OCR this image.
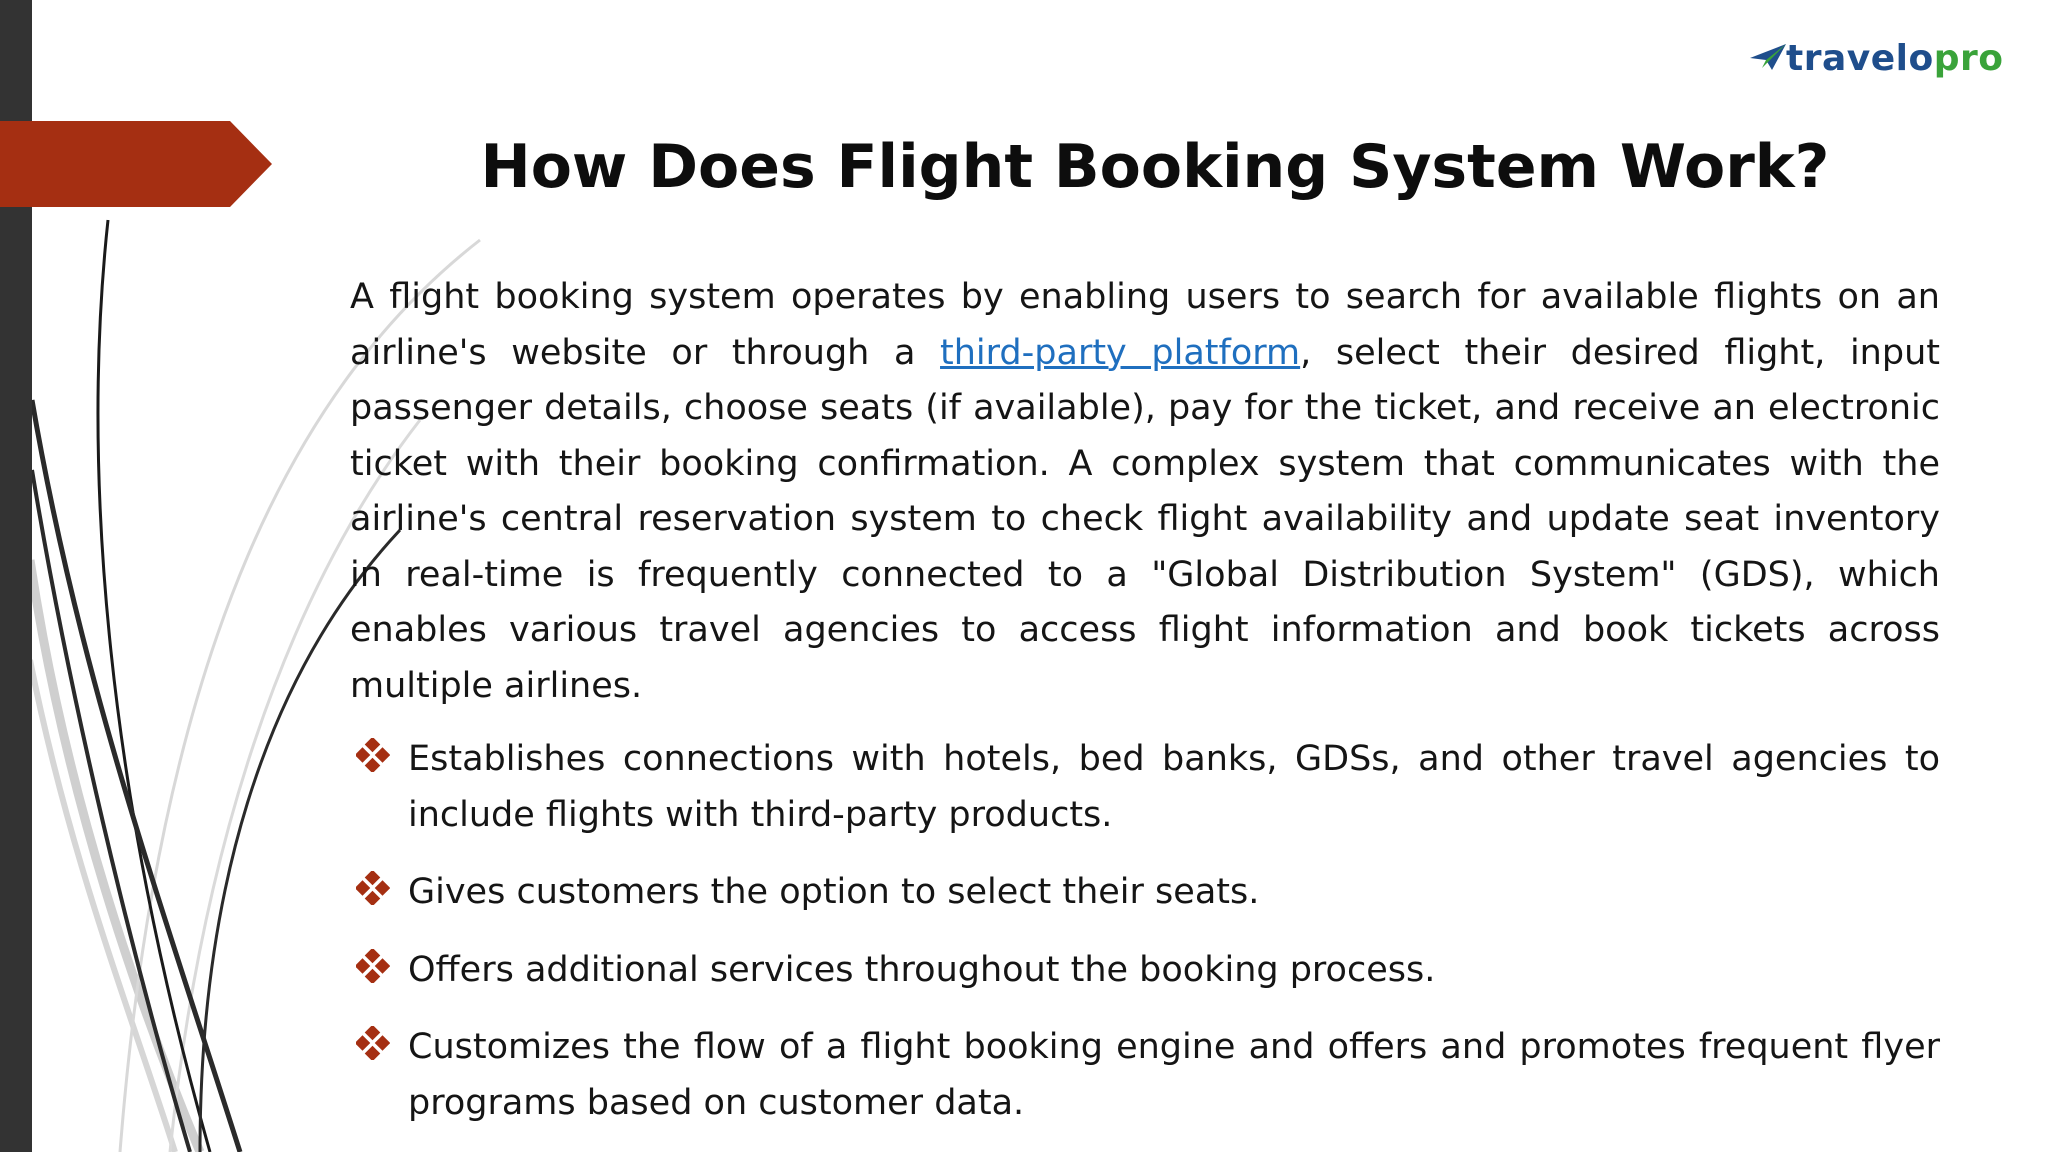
travelopro
How Does Flight Booking System Work?

A flight booking system operates by enabling users to search for available flights on an airline's website or through a third-party platform, select their desired flight, input passenger details, choose seats (if available), pay for the ticket, and receive an electronic ticket with their booking confirmation. A complex system that communicates with the airline's central reservation system to check flight availability and update seat inventory in real-time is frequently connected to a "Global Distribution System" (GDS), which enables various travel agencies to access flight information and book tickets across multiple airlines.

Establishes connections with hotels, bed banks, GDSs, and other travel agencies to include flights with third-party products.
Gives customers the option to select their seats.
Offers additional services throughout the booking process.
Customizes the flow of a flight booking engine and offers and promotes frequent flyer programs based on customer data.
